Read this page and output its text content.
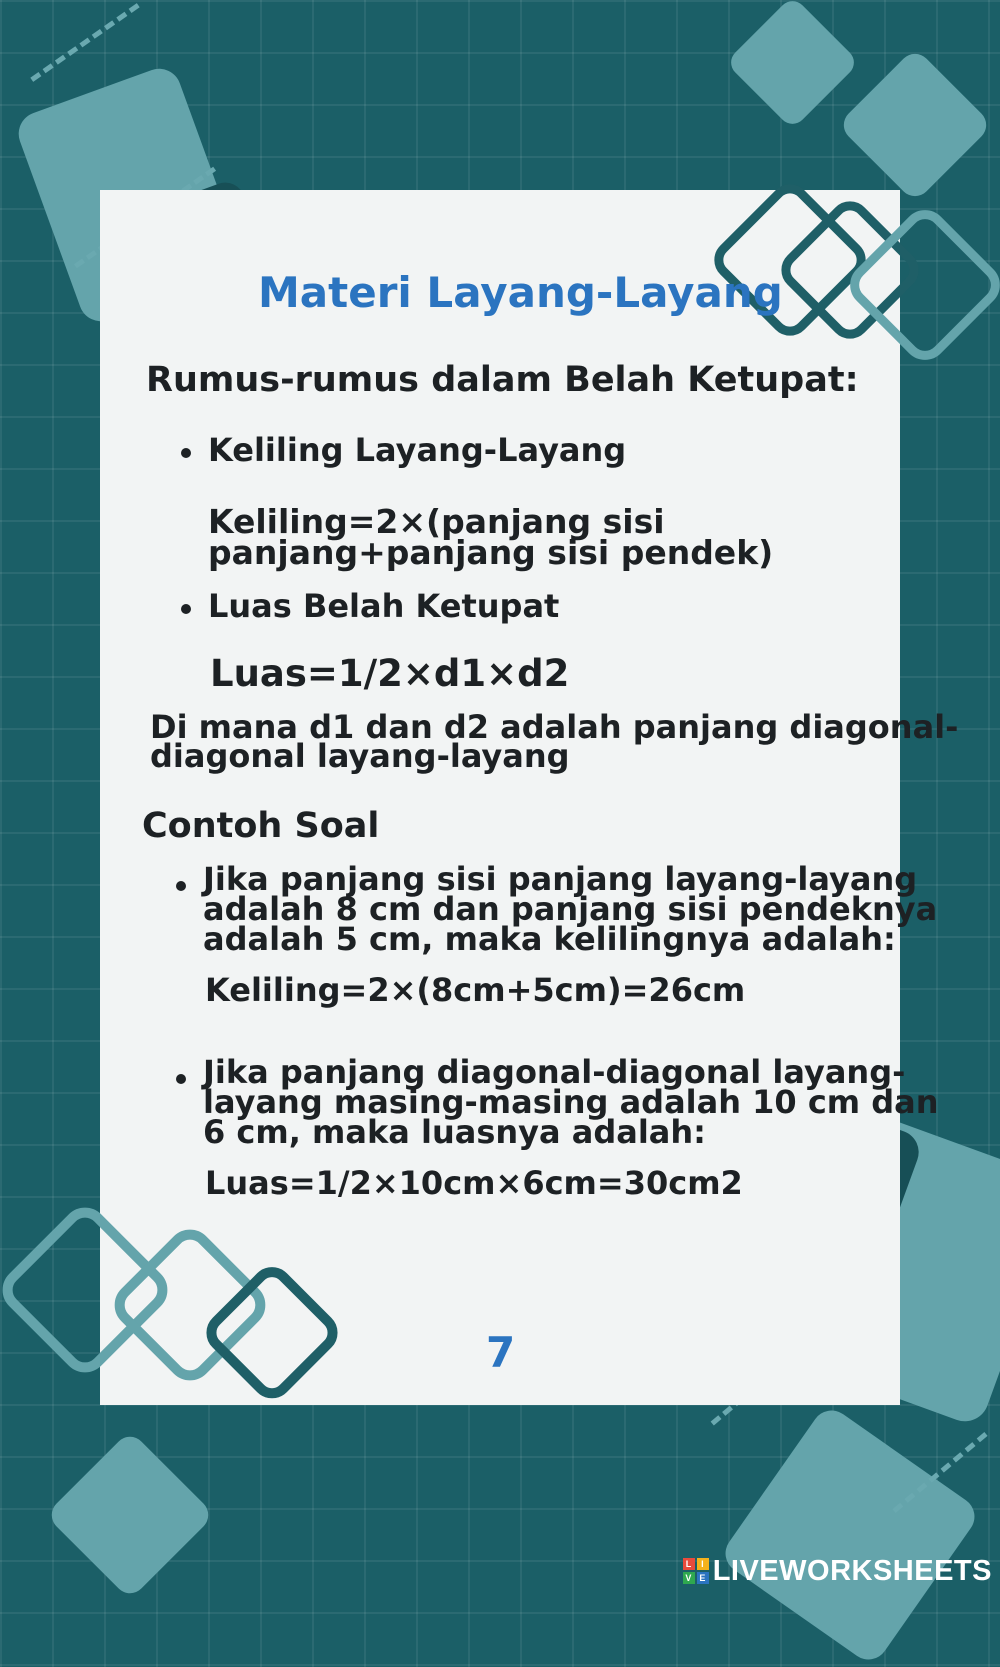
Materi Layang-Layang
Rumus-rumus dalam Belah Ketupat:
Keliling Layang-Layang
Keliling=2×(panjang sisi
panjang+panjang sisi pendek)
Luas Belah Ketupat
Luas=1/2×d1×d2
Di mana d1 dan d2 adalah panjang diagonal-
diagonal layang-layang
Contoh Soal
Jika panjang sisi panjang layang-layang
adalah 8 cm dan panjang sisi pendeknya
adalah 5 cm, maka kelilingnya adalah:
Keliling=2×(8cm+5cm)=26cm
Jika panjang diagonal-diagonal layang-
layang masing-masing adalah 10 cm dan
6 cm, maka luasnya adalah:
Luas=1/2×10cm×6cm=30cm2
7
L	I
V E LIVEWORKSHEETS
